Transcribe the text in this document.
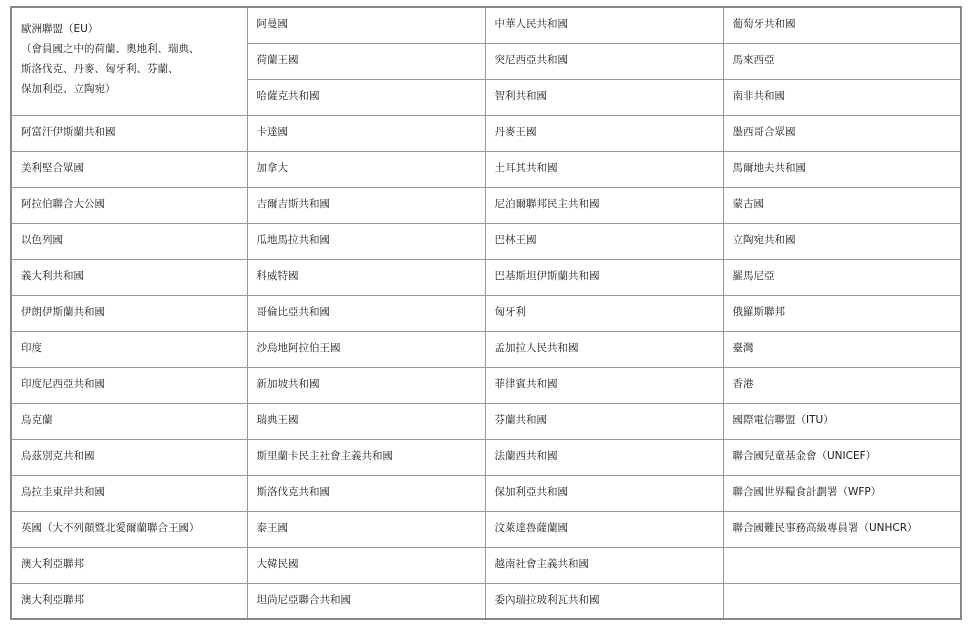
歐洲聯盟（EU）
（會員國之中的荷蘭、奧地利、瑞典、
斯洛伐克、丹麥、匈牙利、芬蘭、
保加利亞、立陶宛）	阿曼國	中華人民共和國	葡萄牙共和國
	荷蘭王國	突尼西亞共和國	馬來西亞
	哈薩克共和國	智利共和國	南非共和國
阿富汗伊斯蘭共和國	卡達國	丹麥王國	墨西哥合眾國
美利堅合眾國	加拿大	土耳其共和國	馬爾地夫共和國
阿拉伯聯合大公國	吉爾吉斯共和國	尼泊爾聯邦民主共和國	蒙古國
以色列國	瓜地馬拉共和國	巴林王國	立陶宛共和國
義大利共和國	科威特國	巴基斯坦伊斯蘭共和國	羅馬尼亞
伊朗伊斯蘭共和國	哥倫比亞共和國	匈牙利	俄羅斯聯邦
印度	沙烏地阿拉伯王國	孟加拉人民共和國	臺灣
印度尼西亞共和國	新加坡共和國	菲律賓共和國	香港
烏克蘭	瑞典王國	芬蘭共和國	國際電信聯盟（ITU）
烏茲別克共和國	斯里蘭卡民主社會主義共和國	法蘭西共和國	聯合國兒童基金會（UNICEF）
烏拉圭東岸共和國	斯洛伐克共和國	保加利亞共和國	聯合國世界糧食計劃署（WFP）
英國（大不列顛暨北愛爾蘭聯合王國）	泰王國	汶萊達魯薩蘭國	聯合國難民事務高級專員署（UNHCR）
澳大利亞聯邦	大韓民國	越南社會主義共和國	
澳大利亞聯邦	坦尚尼亞聯合共和國	委內瑞拉玻利瓦共和國	
